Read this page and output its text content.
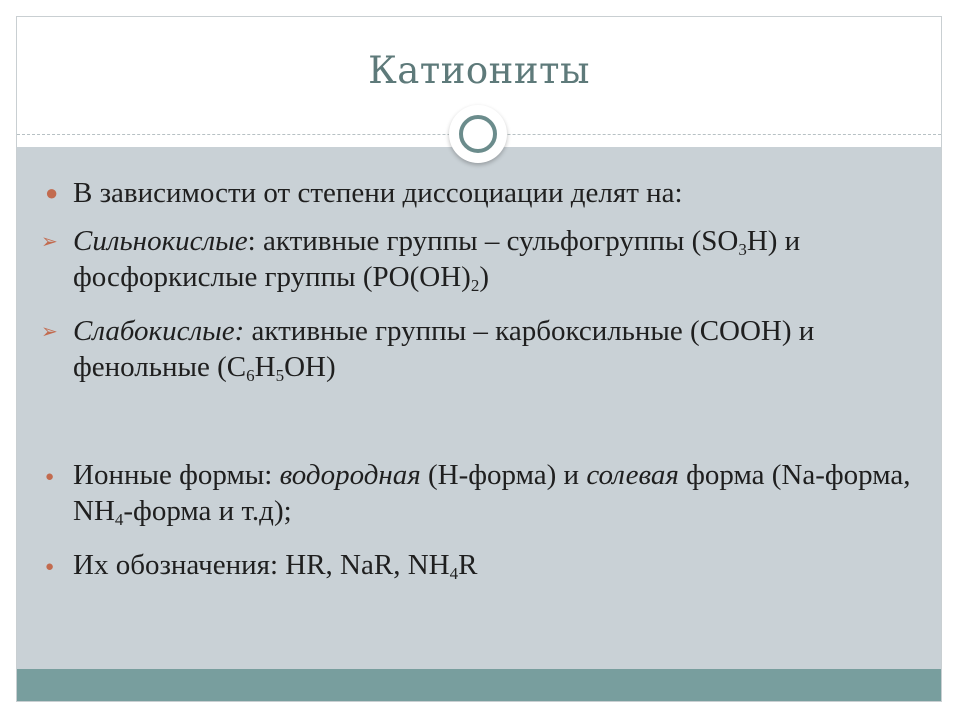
Катиониты
● В зависимости от степени диссоциации делят на:
➢ Сильнокислые: активные группы – сульфогруппы $(SO_3H)$ и фосфоркислые группы $(PO(OH)_2)$
➢ Слабокислые: активные группы – карбоксильные (COOH) и фенольные $(C_6H_5OH)$
● Ионные формы: водородная (H-форма) и солевая форма (Na-форма, $NH_4$-форма и т.д);
● Их обозначения: HR, NaR, $NH_4R$
